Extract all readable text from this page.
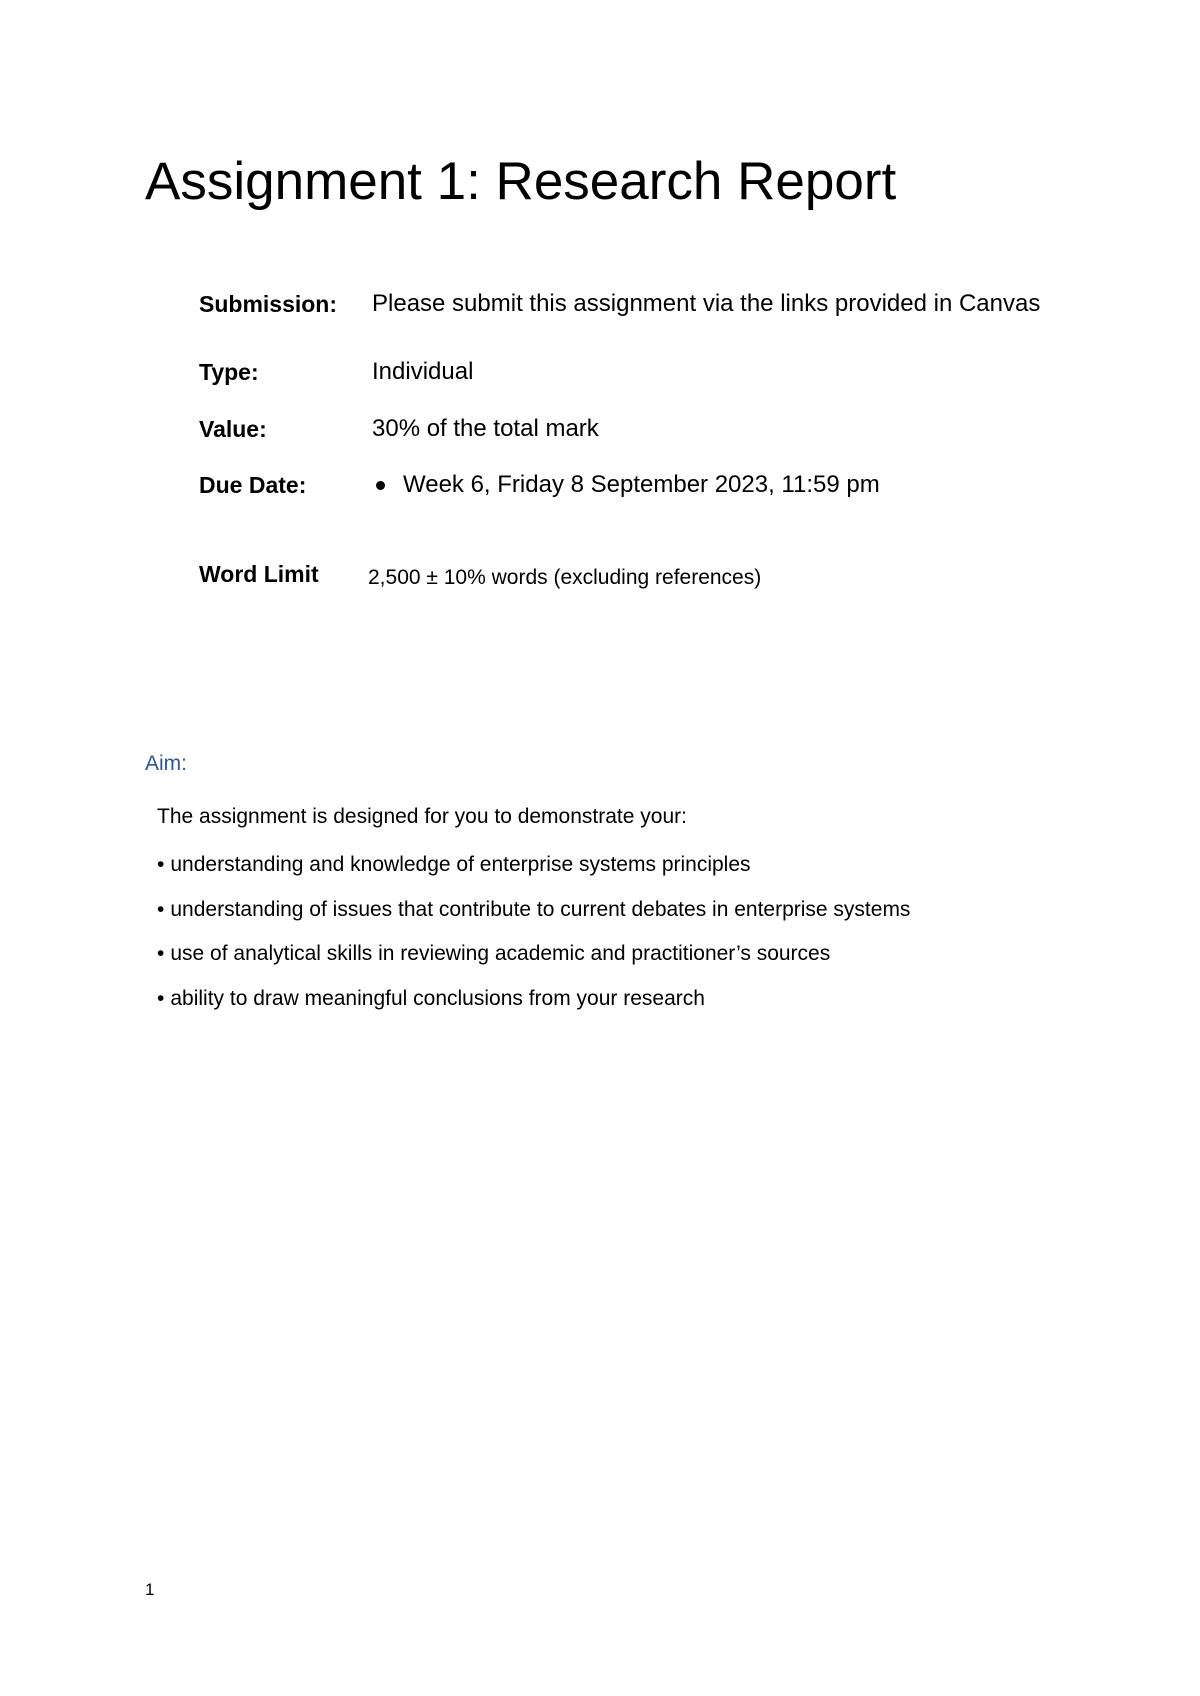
Assignment 1: Research Report
Submission:	Please submit this assignment via the links provided in Canvas
Type:	Individual
Value:	30% of the total mark
Due Date:	Week 6, Friday 8 September 2023, 11:59 pm
Word Limit	2,500 ± 10% words (excluding references)
Aim:
The assignment is designed for you to demonstrate your:
• understanding and knowledge of enterprise systems principles
• understanding of issues that contribute to current debates in enterprise systems
• use of analytical skills in reviewing academic and practitioner’s sources
• ability to draw meaningful conclusions from your research
1
